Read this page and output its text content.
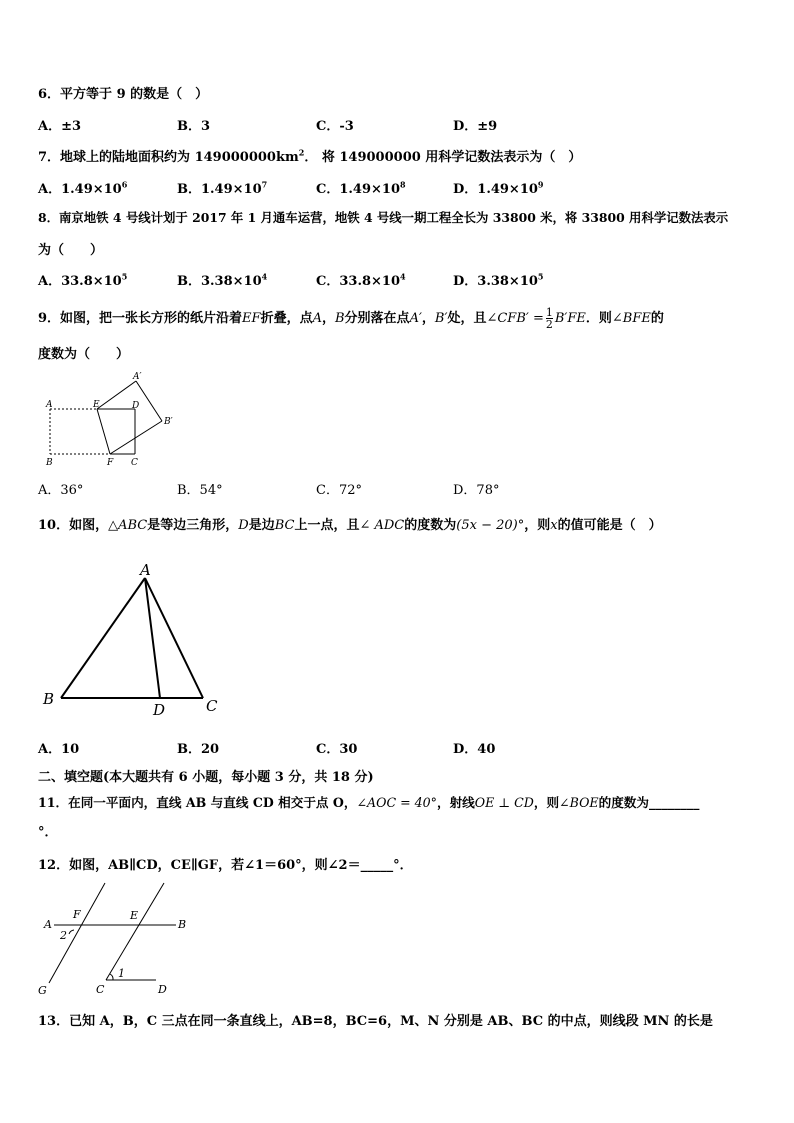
6．平方等于 9 的数是（　）
A．±3	B．3	C．-3	D．±9
7．地球上的陆地面积约为 $149000000km^2$． 将 149000000 用科学记数法表示为（　）
A．$1.49\times 10^6$	B．$1.49\times 10^7$	C．$1.49\times 10^8$	D．$1.49\times 10^9$
8．南京地铁 4 号线计划于 2017 年 1 月通车运营，地铁 4 号线一期工程全长为 33800 米，将 33800 用科学记数法表示
为（　　）
A．$33.8\times 10^5$	B．$3.38\times 10^4$	C．$33.8\times 10^4$	D．$3.38\times 10^5$
9．如图，把一张长方形的纸片沿着EF折叠，点A，B分别落在点A′，B′处，且∠CFB′ = $\frac{1}{2} B'FE$．则∠BFE的
度数为（　　）
A	E	D
A′
B′
B	F C
A．36°	B．54°	C．72°	D．78°
10．如图，△ABC是等边三角形，D是边BC上一点，且∠ ADC的度数为(5x − 20)°，则x的值可能是（　）
A
B	C
D
A．10	B．20	C．30	D．40
二、填空题(本大题共有 6 小题，每小题 3 分，共 18 分)
11．在同一平面内，直线 AB 与直线 CD 相交于点 O，∠AOC = 40°，射线OE ⊥ CD，则∠BOE的度数为________
°．
12．如图，AB∥CD，CE∥GF，若∠1＝60°，则∠2＝_____°．
A
F	E
B
2
1
C	D
G
13．已知 A，B，C 三点在同一条直线上，AB=8，BC=6，M、N 分别是 AB、BC 的中点，则线段 MN 的长是
